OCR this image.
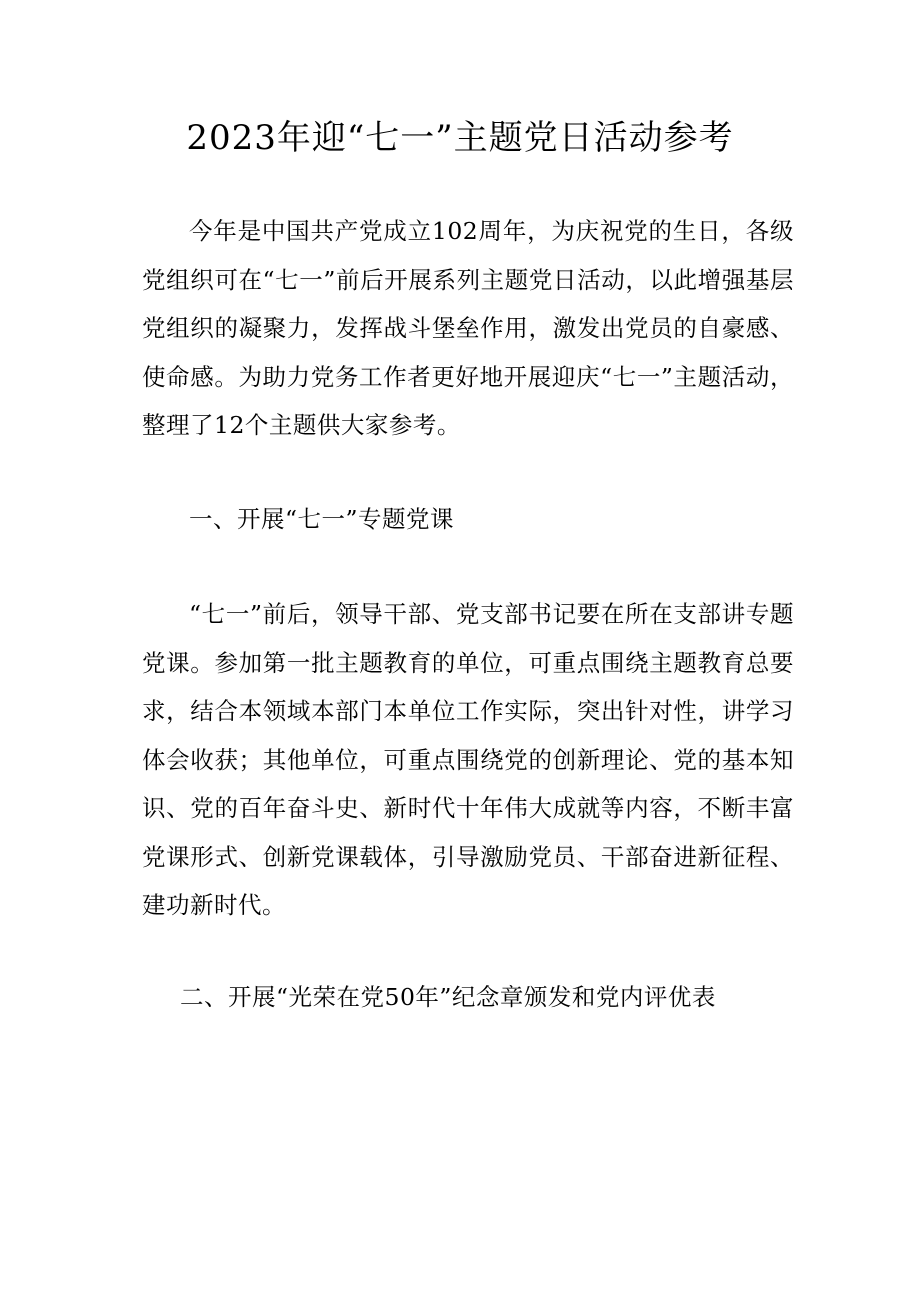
2023年迎“七一”主题党日活动参考

今年是中国共产党成立102周年，为庆祝党的生日，各级党组织可在“七一”前后开展系列主题党日活动，以此增强基层党组织的凝聚力，发挥战斗堡垒作用，激发出党员的自豪感、使命感。为助力党务工作者更好地开展迎庆“七一”主题活动，整理了12个主题供大家参考。

一、开展“七一”专题党课

“七一”前后，领导干部、党支部书记要在所在支部讲专题党课。参加第一批主题教育的单位，可重点围绕主题教育总要求，结合本领域本部门本单位工作实际，突出针对性，讲学习体会收获；其他单位，可重点围绕党的创新理论、党的基本知识、党的百年奋斗史、新时代十年伟大成就等内容，不断丰富党课形式、创新党课载体，引导激励党员、干部奋进新征程、建功新时代。

二、开展“光荣在党50年”纪念章颁发和党内评优表
